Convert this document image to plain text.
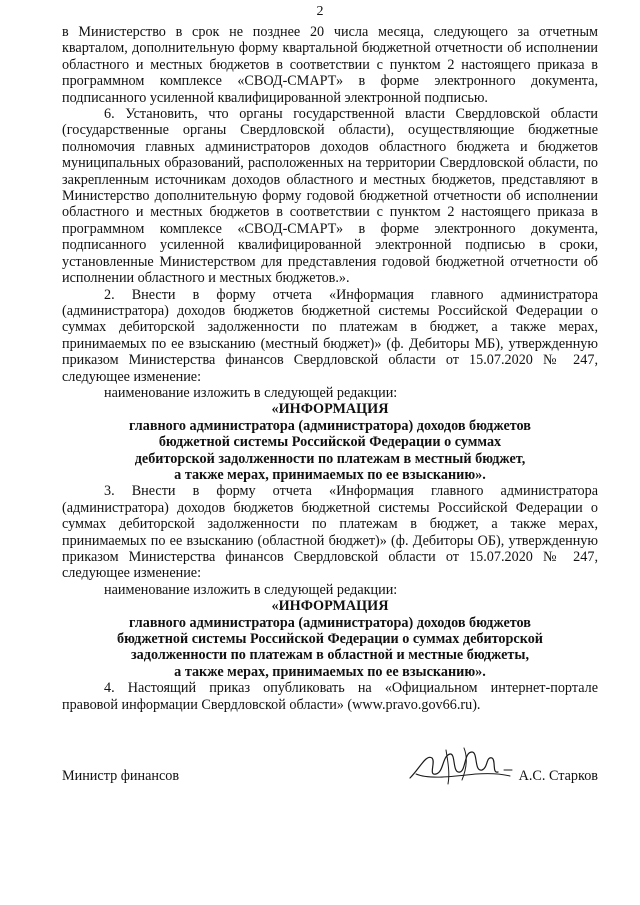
2

в Министерство в срок не позднее 20 числа месяца, следующего за отчетным кварталом, дополнительную форму квартальной бюджетной отчетности об исполнении областного и местных бюджетов в соответствии с пунктом 2 настоящего приказа в программном комплексе «СВОД-СМАРТ» в форме электронного документа, подписанного усиленной квалифицированной электронной подписью.

6. Установить, что органы государственной власти Свердловской области (государственные органы Свердловской области), осуществляющие бюджетные полномочия главных администраторов доходов областного бюджета и бюджетов муниципальных образований, расположенных на территории Свердловской области, по закрепленным источникам доходов областного и местных бюджетов, представляют в Министерство дополнительную форму годовой бюджетной отчетности об исполнении областного и местных бюджетов в соответствии с пунктом 2 настоящего приказа в программном комплексе «СВОД-СМАРТ» в форме электронного документа, подписанного усиленной квалифицированной электронной подписью в сроки, установленные Министерством для представления годовой бюджетной отчетности об исполнении областного и местных бюджетов.».

2. Внести в форму отчета «Информация главного администратора (администратора) доходов бюджетов бюджетной системы Российской Федерации о суммах дебиторской задолженности по платежам в бюджет, а также мерах, принимаемых по ее взысканию (местный бюджет)» (ф. Дебиторы МБ), утвержденную приказом Министерства финансов Свердловской области от 15.07.2020 № 247, следующее изменение:

наименование изложить в следующей редакции:

«ИНФОРМАЦИЯ
главного администратора (администратора) доходов бюджетов
бюджетной системы Российской Федерации о суммах
дебиторской задолженности по платежам в местный бюджет,
а также мерах, принимаемых по ее взысканию».

3. Внести в форму отчета «Информация главного администратора (администратора) доходов бюджетов бюджетной системы Российской Федерации о суммах дебиторской задолженности по платежам в бюджет, а также мерах, принимаемых по ее взысканию (областной бюджет)» (ф. Дебиторы ОБ), утвержденную приказом Министерства финансов Свердловской области от 15.07.2020 № 247, следующее изменение:

наименование изложить в следующей редакции:

«ИНФОРМАЦИЯ
главного администратора (администратора) доходов бюджетов
бюджетной системы Российской Федерации о суммах дебиторской
задолженности по платежам в областной и местные бюджеты,
а также мерах, принимаемых по ее взысканию».

4. Настоящий приказ опубликовать на «Официальном интернет-портале правовой информации Свердловской области» (www.pravo.gov66.ru).

Министр финансов	А.С. Старков
